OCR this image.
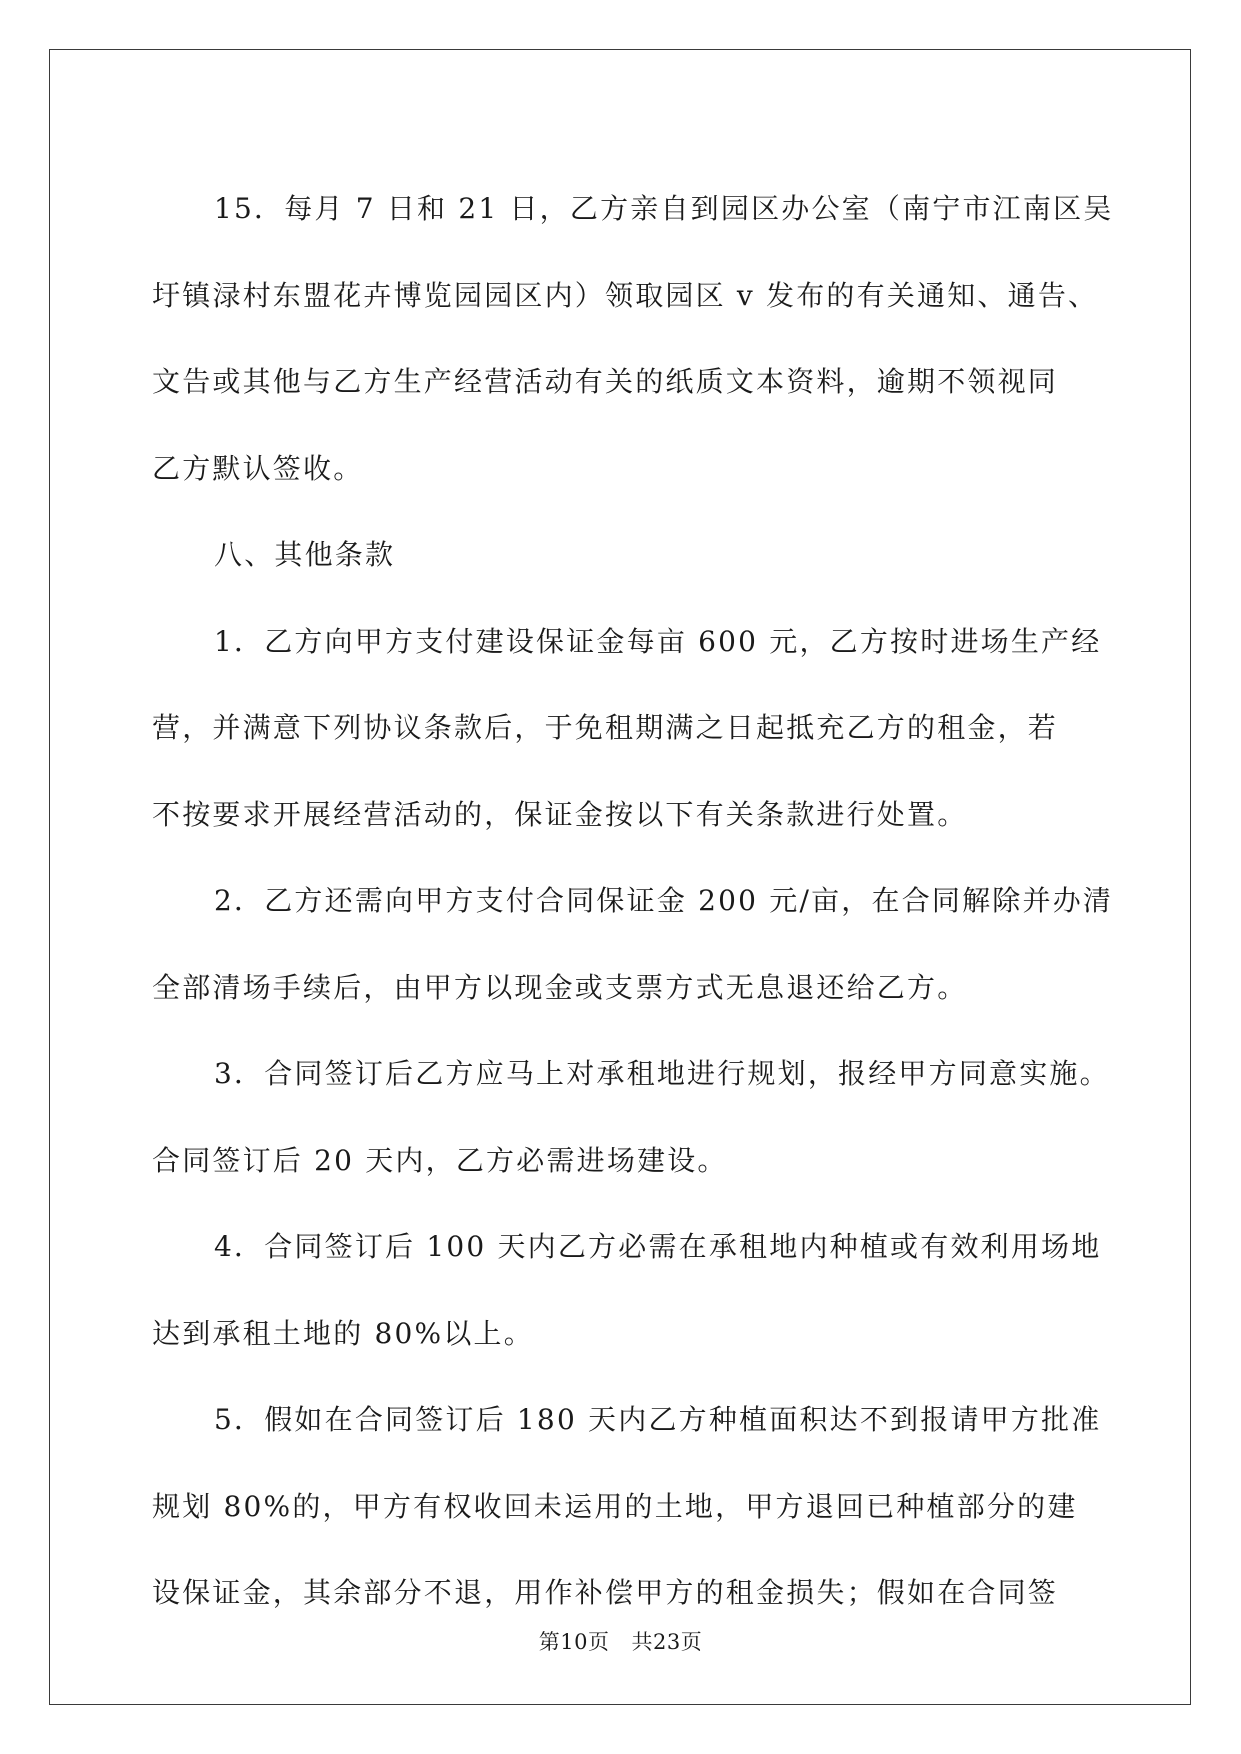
15．每月 7 日和 21 日，乙方亲自到园区办公室（南宁市江南区吴
圩镇渌村东盟花卉博览园园区内）领取园区 v 发布的有关通知、通告、
文告或其他与乙方生产经营活动有关的纸质文本资料，逾期不领视同
乙方默认签收。
八、其他条款
1．乙方向甲方支付建设保证金每亩 600 元，乙方按时进场生产经
营，并满意下列协议条款后，于免租期满之日起抵充乙方的租金，若
不按要求开展经营活动的，保证金按以下有关条款进行处置。
2．乙方还需向甲方支付合同保证金 200 元/亩，在合同解除并办清
全部清场手续后，由甲方以现金或支票方式无息退还给乙方。
3．合同签订后乙方应马上对承租地进行规划，报经甲方同意实施。
合同签订后 20 天内，乙方必需进场建设。
4．合同签订后 100 天内乙方必需在承租地内种植或有效利用场地
达到承租土地的 80%以上。
5．假如在合同签订后 180 天内乙方种植面积达不到报请甲方批准
规划 80%的，甲方有权收回未运用的土地，甲方退回已种植部分的建
设保证金，其余部分不退，用作补偿甲方的租金损失；假如在合同签
第10页 共23页
